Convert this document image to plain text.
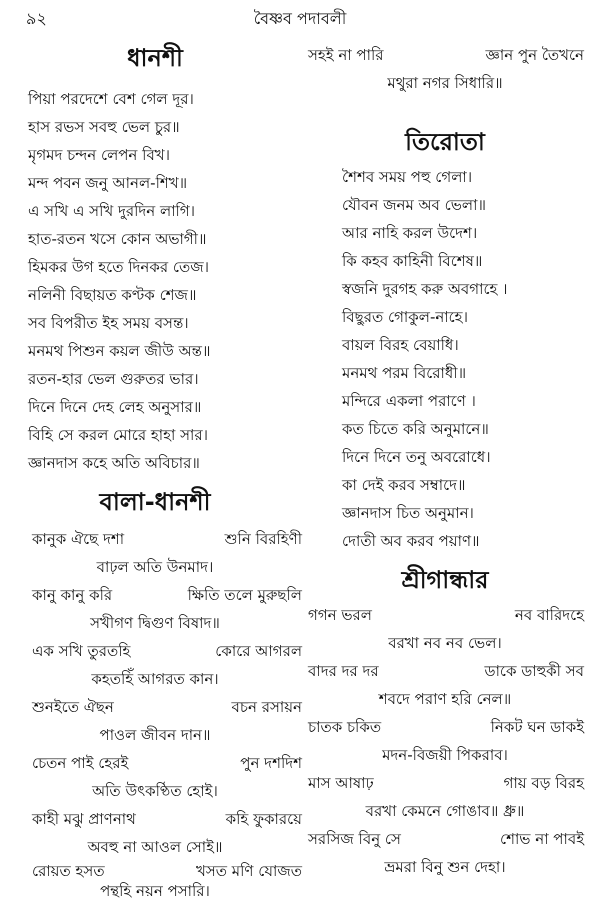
৯২	বৈষ্ণব পদাবলী
ধানশী
পিয়া পরদেশে বেশ গেল দূর।
হাস রভস সবহু ভেল চুর॥
মৃগমদ চন্দন লেপন বিখ।
মন্দ পবন জনু আনল-শিখ॥
এ সখি এ সখি দুরদিন লাগি।
হাত-রতন খসে কোন অভাগী॥
হিমকর উগ হতে দিনকর তেজ।
নলিনী বিছায়ত কণ্টক শেজ॥
সব বিপরীত ইহ সময় বসন্ত।
মনমথ পিশুন কয়ল জীউ অন্ত॥
রতন-হার ভেল গুরুতর ভার।
দিনে দিনে দেহ লেহ অনুসার॥
বিহি সে করল মোরে হাহা সার।
জ্ঞানদাস কহে অতি অবিচার॥
বালা-ধানশী
কানুক ঐছে দশা	শুনি বিরহিণী
বাঢ়ল অতি উনমাদ।
কানু কানু করি	ক্ষিতি তলে মুরুছলি
সখীগণ দ্বিগুণ বিষাদ॥
এক সখি তুরতহি	কোরে আগরল
কহতহিঁ আগরত কান।
শুনইতে ঐছন	বচন রসায়ন
পাওল জীবন দান॥
চেতন পাই হেরই	পুন দশদিশ
অতি উৎকণ্ঠিত হোই।
কাহী মঝু প্রাণনাথ	কহি ফুকারয়ে
অবহু না আওল সোই॥
রোয়ত হসত	খসত মণি যোজত
পন্থহি নয়ন পসারি।
সহই না পারি	জ্ঞান পুন তৈখনে
মথুরা নগর সিধারি॥
তিরোতা
শৈশব সময় পহু গেলা।
যৌবন জনম অব ভেলা॥
আর নাহি করল উদেশ।
কি কহব কাহিনী বিশেষ॥
স্বজনি দুরগহ করু অবগাহে ।
বিছুরত গোকুল-নাহে।
বায়ল বিরহ বেয়াধি।
মনমথ পরম বিরোধী॥
মন্দিরে একলা পরাণে ।
কত চিতে করি অনুমানে॥
দিনে দিনে তনু অবরোধে।
কা দেই করব সম্বাদে॥
জ্ঞানদাস চিত অনুমান।
দোতী অব করব পয়াণ॥
শ্রীগান্ধার
গগন ভরল	নব বারিদহে
বরখা নব নব ভেল।
বাদর দর দর	ডাকে ডাহুকী সব
শবদে পরাণ হরি নেল॥
চাতক চকিত	নিকট ঘন ডাকই
মদন-বিজয়ী পিকরাব।
মাস আষাঢ়	গায় বড় বিরহ
বরখা কেমনে গোঙাব॥ ধ্রু॥
সরসিজ বিনু সে	শোভ না পাবই
ভ্রমরা বিনু শুন দেহা।
